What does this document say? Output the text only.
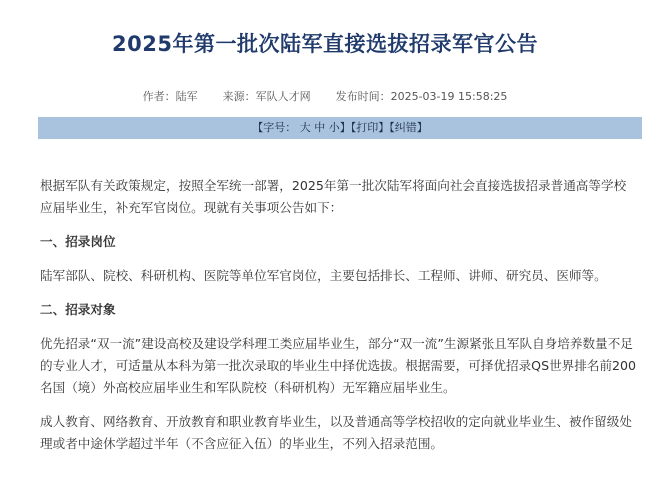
2025年第一批次陆军直接选拔招录军官公告
作者：陆军 来源：军队人才网 发布时间：2025-03-19 15:58:25
【字号： 大 中 小】【打印】【纠错】

根据军队有关政策规定，按照全军统一部署，2025年第一批次陆军将面向社会直接选拔招录普通高等学校应届毕业生，补充军官岗位。现就有关事项公告如下：

一、招录岗位

陆军部队、院校、科研机构、医院等单位军官岗位，主要包括排长、工程师、讲师、研究员、医师等。

二、招录对象

优先招录“双一流”建设高校及建设学科理工类应届毕业生，部分“双一流”生源紧张且军队自身培养数量不足的专业人才，可适量从本科为第一批次录取的毕业生中择优选拔。根据需要，可择优招录QS世界排名前200名国（境）外高校应届毕业生和军队院校（科研机构）无军籍应届毕业生。

成人教育、网络教育、开放教育和职业教育毕业生，以及普通高等学校招收的定向就业毕业生、被作留级处理或者中途休学超过半年（不含应征入伍）的毕业生，不列入招录范围。
